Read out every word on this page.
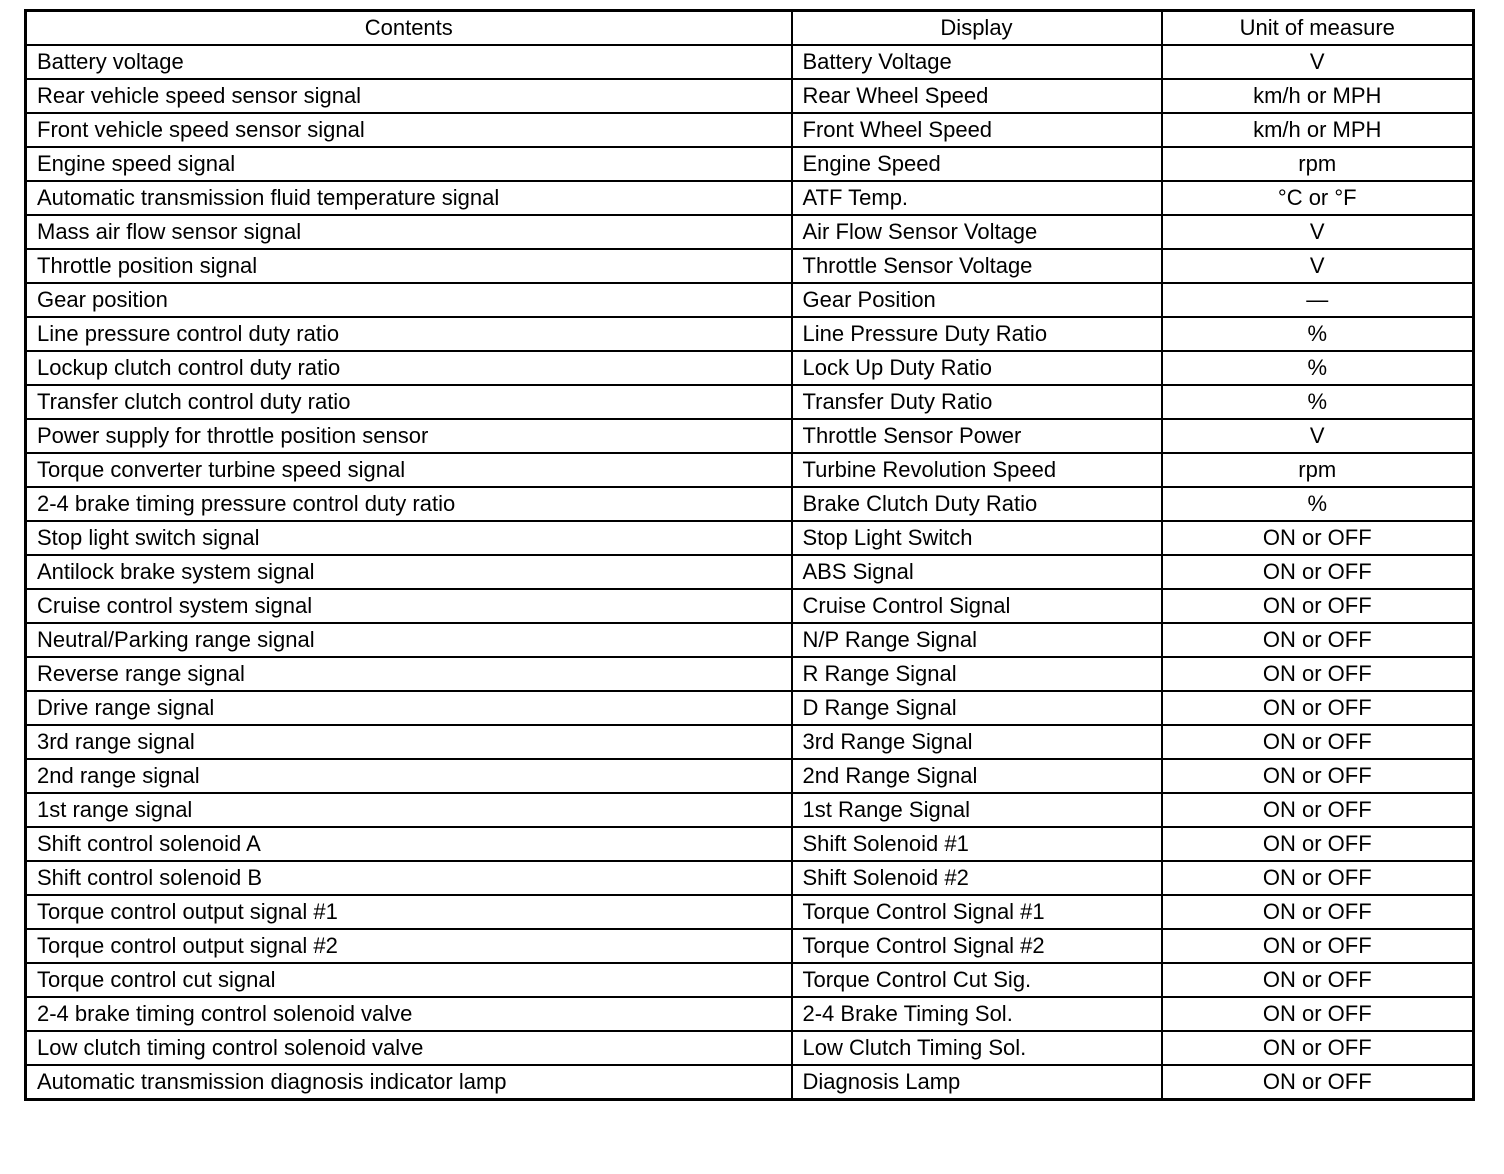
Contents	Display	Unit of measure
Battery voltage	Battery Voltage	V
Rear vehicle speed sensor signal	Rear Wheel Speed	km/h or MPH
Front vehicle speed sensor signal	Front Wheel Speed	km/h or MPH
Engine speed signal	Engine Speed	rpm
Automatic transmission fluid temperature signal	ATF Temp.	°C or °F
Mass air flow sensor signal	Air Flow Sensor Voltage	V
Throttle position signal	Throttle Sensor Voltage	V
Gear position	Gear Position	—
Line pressure control duty ratio	Line Pressure Duty Ratio	%
Lockup clutch control duty ratio	Lock Up Duty Ratio	%
Transfer clutch control duty ratio	Transfer Duty Ratio	%
Power supply for throttle position sensor	Throttle Sensor Power	V
Torque converter turbine speed signal	Turbine Revolution Speed	rpm
2-4 brake timing pressure control duty ratio	Brake Clutch Duty Ratio	%
Stop light switch signal	Stop Light Switch	ON or OFF
Antilock brake system signal	ABS Signal	ON or OFF
Cruise control system signal	Cruise Control Signal	ON or OFF
Neutral/Parking range signal	N/P Range Signal	ON or OFF
Reverse range signal	R Range Signal	ON or OFF
Drive range signal	D Range Signal	ON or OFF
3rd range signal	3rd Range Signal	ON or OFF
2nd range signal	2nd Range Signal	ON or OFF
1st range signal	1st Range Signal	ON or OFF
Shift control solenoid A	Shift Solenoid #1	ON or OFF
Shift control solenoid B	Shift Solenoid #2	ON or OFF
Torque control output signal #1	Torque Control Signal #1	ON or OFF
Torque control output signal #2	Torque Control Signal #2	ON or OFF
Torque control cut signal	Torque Control Cut Sig.	ON or OFF
2-4 brake timing control solenoid valve	2-4 Brake Timing Sol.	ON or OFF
Low clutch timing control solenoid valve	Low Clutch Timing Sol.	ON or OFF
Automatic transmission diagnosis indicator lamp	Diagnosis Lamp	ON or OFF
